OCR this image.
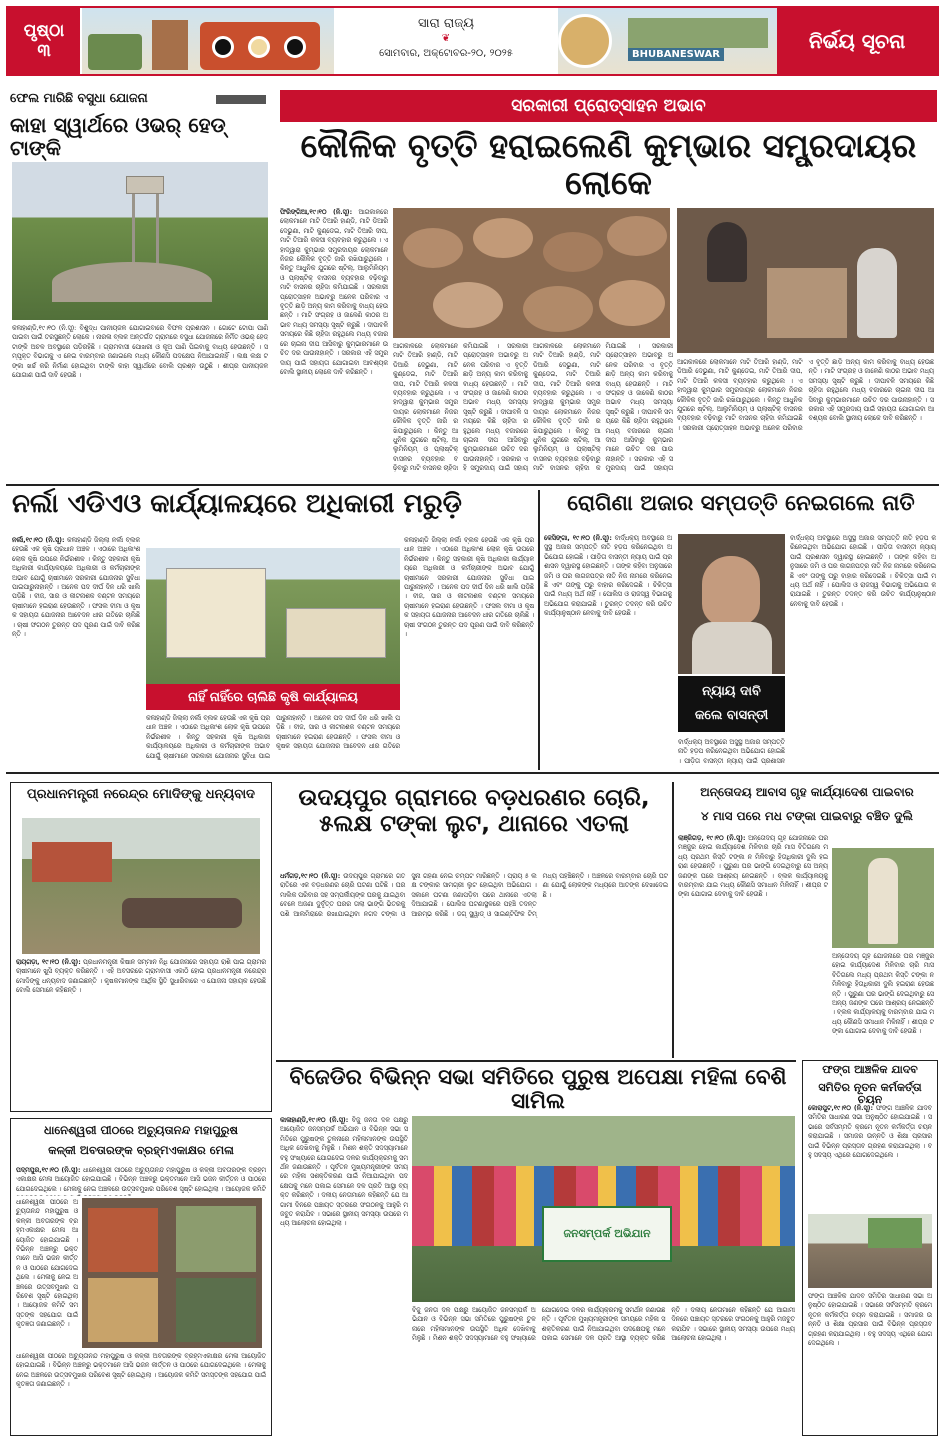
ପୃଷ୍ଠା
୩
ସାରା ରାଜ୍ୟ
❦
ସୋମବାର, ଅକ୍ଟୋବର-୨୦, ୨୦୨୫	BHUBANESWAR
ନିର୍ଭୟ ସୂଚନା
ଫେଲ ମାରିଛି ବସୁଧା ଯୋଜନା
କାହା ସ୍ୱାର୍ଥରେ ଓଭର୍ ହେଡ୍ ଟାଙ୍କି
କଳାହାଣ୍ଡି,୧୯।୧୦ (ନି.ସୂ): ବିଶୁଦ୍ଧ ପାନୀୟଜଳ ଯୋଗାଇବାରେ ବିଫଳ ପ୍ରଶାସନ । ଗୋଟେ ଟୋପା ପାଣି ପାଇବା ପାଇଁ ତରସୁଛନ୍ତି ଲୋକେ । ନାରଳା ବ୍ଲକ ଅନ୍ତର୍ଗତ ଗ୍ରାମରେ ବସୁଧା ଯୋଜନାରେ ନିର୍ମିତ ଓଭର୍ ହେଡ୍ ଟାଙ୍କି ଅଚଳ ଅବସ୍ଥାରେ ପଡ଼ିରହିଛି । ଗ୍ରାମବାସୀ ପୋଖରୀ ଓ କୂଅ ପାଣି ପିଇବାକୁ ବାଧ୍ୟ ହେଉଛନ୍ତି । ସମ୍ପୃକ୍ତ ବିଭାଗକୁ ଏ ନେଇ ବାରମ୍ବାର ଜଣାଇଲେ ମଧ୍ୟ କୌଣସି ପଦକ୍ଷେପ ନିଆଯାଇନାହିଁ । ଲକ୍ଷ ଲକ୍ଷ ଟଙ୍କା ଖର୍ଚ୍ଚ କରି ନିର୍ମାଣ ହୋଇଥିବା ଟାଙ୍କି କାହା ସ୍ୱାର୍ଥରେ ବୋଲି ପ୍ରଶ୍ନ ଉଠୁଛି । ଶୀଘ୍ର ପାନୀୟଜଳ ଯୋଗାଣ ପାଇଁ ଦାବି ହେଉଛି ।
ସରକାରୀ ପ୍ରୋତ୍ସାହନ ଅଭାବ
କୌଳିକ ବୃତ୍ତି ହରାଇଲେଣି କୁମ୍ଭାର ସମ୍ପ୍ରଦାୟର ଲୋକେ
ଫିରିଙ୍ଗିଆ,୧୯।୧୦ (ନି.ସୂ): ଆଗକାଳରେ ଲୋକମାନେ ମାଟି ତିଆରି ହାଣ୍ଡି, ମାଟି ଡିଆରି ଦେଭୁଣା, ମାଟି କୁଣ୍ଡେଇ, ମାଟି ତିଆରି ଦୀପ, ମାଟି ତିଆରି କଳସୀ ବ୍ୟବହାର କରୁଥିଲେ । ଏହାଦ୍ୱାରା କୁମ୍ଭାର ସମ୍ପ୍ରଦାୟର ଲୋକମାନେ ନିଜର କୌଳିକ ବୃତ୍ତି ଜାରି ରଖିପାରୁଥିଲେ । କିନ୍ତୁ ଆଧୁନିକ ଯୁଗରେ ଷ୍ଟିଲ୍, ଆଲୁମିନିୟମ୍ ଓ ପ୍ଲାଷ୍ଟିକ୍ ବାସନର ବ୍ୟବହାର ବଢ଼ିବାରୁ ମାଟି ବାସନର ଚାହିଦା କମିଯାଇଛି । ସରକାରୀ ପ୍ରୋତ୍ସାହନ ଅଭାବରୁ ଅନେକ ପରିବାର ଏ ବୃତ୍ତି ଛାଡ଼ି ଅନ୍ୟ କାମ କରିବାକୁ ବାଧ୍ୟ ହେଉଛନ୍ତି । ମାଟି ସଂଗ୍ରହ ଓ ଜାଳେଣି କାଠର ଅଭାବ ମଧ୍ୟ ସମସ୍ୟା ସୃଷ୍ଟି କରୁଛି । ଦୀପାବଳି ସମୟରେ କିଛି ଚାହିଦା ରହୁଥିଲେ ମଧ୍ୟ ବଜାରରେ ଚାଇନା ଦୀପ ଆସିବାରୁ କୁମ୍ଭାରମାନେ ଉଚିତ ଦର ପାଉନାହାନ୍ତି । ସରକାର ଏହି ସମ୍ପ୍ରଦାୟ ପାଇଁ ସହାୟତା ଯୋଗାଇବା ଆବଶ୍ୟକ ବୋଲି ସ୍ଥାନୀୟ ଲୋକେ ଦାବି କରିଛନ୍ତି ।
ଆଗକାଳରେ ଲୋକମାନେ ମାଟି ତିଆରି ହାଣ୍ଡି, ମାଟି ଡିଆରି ଦେଭୁଣା, ମାଟି କୁଣ୍ଡେଇ, ମାଟି ତିଆରି ଦୀପ, ମାଟି ତିଆରି କଳସୀ ବ୍ୟବହାର କରୁଥିଲେ । ଏହାଦ୍ୱାରା କୁମ୍ଭାର ସମ୍ପ୍ରଦାୟର ଲୋକମାନେ ନିଜର କୌଳିକ ବୃତ୍ତି ଜାରି ରଖିପାରୁଥିଲେ । କିନ୍ତୁ ଆଧୁନିକ ଯୁଗରେ ଷ୍ଟିଲ୍, ଆଲୁମିନିୟମ୍ ଓ ପ୍ଲାଷ୍ଟିକ୍ ବାସନର ବ୍ୟବହାର ବଢ଼ିବାରୁ ମାଟି ବାସନର ଚାହିଦା କମିଯାଇଛି । ସରକାରୀ ପ୍ରୋତ୍ସାହନ ଅଭାବରୁ ଅନେକ ପରିବାର ଏ ବୃତ୍ତି ଛାଡ଼ି ଅନ୍ୟ କାମ କରିବାକୁ ବାଧ୍ୟ ହେଉଛନ୍ତି । ମାଟି ସଂଗ୍ରହ ଓ ଜାଳେଣି କାଠର ଅଭାବ ମଧ୍ୟ ସମସ୍ୟା ସୃଷ୍ଟି କରୁଛି । ଦୀପାବଳି ସମୟରେ କିଛି ଚାହିଦା ରହୁଥିଲେ ମଧ୍ୟ ବଜାରରେ ଚାଇନା ଦୀପ ଆସିବାରୁ କୁମ୍ଭାରମାନେ ଉଚିତ ଦର ପାଉନାହାନ୍ତି । ସରକାର ଏହି ସମ୍ପ୍ରଦାୟ ପାଇଁ ସହାୟ
ଆଗକାଳରେ ଲୋକମାନେ ମାଟି ତିଆରି ହାଣ୍ଡି, ମାଟି ଡିଆରି ଦେଭୁଣା, ମାଟି କୁଣ୍ଡେଇ, ମାଟି ତିଆରି ଦୀପ, ମାଟି ତିଆରି କଳସୀ ବ୍ୟବହାର କରୁଥିଲେ । ଏହାଦ୍ୱାରା କୁମ୍ଭାର ସମ୍ପ୍ରଦାୟର ଲୋକମାନେ ନିଜର କୌଳିକ ବୃତ୍ତି ଜାରି ରଖିପାରୁଥିଲେ । କିନ୍ତୁ ଆଧୁନିକ ଯୁଗରେ ଷ୍ଟିଲ୍, ଆଲୁମିନିୟମ୍ ଓ ପ୍ଲାଷ୍ଟିକ୍ ବାସନର ବ୍ୟବହାର ବଢ଼ିବାରୁ ମାଟି ବାସନର ଚାହିଦା କମିଯାଇଛି । ସରକାରୀ ପ୍ରୋତ୍ସାହନ ଅଭାବରୁ ଅନେକ ପରିବାର ଏ ବୃତ୍ତି ଛାଡ଼ି ଅନ୍ୟ କାମ କରିବାକୁ ବାଧ୍ୟ ହେଉଛନ୍ତି । ମାଟି ସଂଗ୍ରହ ଓ ଜାଳେଣି କାଠର ଅଭାବ ମଧ୍ୟ ସମସ୍ୟା ସୃଷ୍ଟି କରୁଛି । ଦୀପାବଳି ସମୟରେ କିଛି ଚାହିଦା ରହୁଥିଲେ ମଧ୍ୟ ବଜାରରେ ଚାଇନା ଦୀପ ଆସିବାରୁ କୁମ୍ଭାରମାନେ ଉଚିତ ଦର ପାଉନାହାନ୍ତି । ସରକାର ଏହି ସମ୍ପ୍ରଦାୟ ପାଇଁ ସହାୟତା
ଆଗକାଳରେ ଲୋକମାନେ ମାଟି ତିଆରି ହାଣ୍ଡି, ମାଟି ଡିଆରି ଦେଭୁଣା, ମାଟି କୁଣ୍ଡେଇ, ମାଟି ତିଆରି ଦୀପ, ମାଟି ତିଆରି କଳସୀ ବ୍ୟବହାର କରୁଥିଲେ । ଏହାଦ୍ୱାରା କୁମ୍ଭାର ସମ୍ପ୍ରଦାୟର ଲୋକମାନେ ନିଜର କୌଳିକ ବୃତ୍ତି ଜାରି ରଖିପାରୁଥିଲେ । କିନ୍ତୁ ଆଧୁନିକ ଯୁଗରେ ଷ୍ଟିଲ୍, ଆଲୁମିନିୟମ୍ ଓ ପ୍ଲାଷ୍ଟିକ୍ ବାସନର ବ୍ୟବହାର ବଢ଼ିବାରୁ ମାଟି ବାସନର ଚାହିଦା କମିଯାଇଛି । ସରକାରୀ ପ୍ରୋତ୍ସାହନ ଅଭାବରୁ ଅନେକ ପରିବାର ଏ ବୃତ୍ତି ଛାଡ଼ି ଅନ୍ୟ କାମ କରିବାକୁ ବାଧ୍ୟ ହେଉଛନ୍ତି । ମାଟି ସଂଗ୍ରହ ଓ ଜାଳେଣି କାଠର ଅଭାବ ମଧ୍ୟ ସମସ୍ୟା ସୃଷ୍ଟି କରୁଛି । ଦୀପାବଳି ସମୟରେ କିଛି ଚାହିଦା ରହୁଥିଲେ ମଧ୍ୟ ବଜାରରେ ଚାଇନା ଦୀପ ଆସିବାରୁ କୁମ୍ଭାରମାନେ ଉଚିତ ଦର ପାଉନାହାନ୍ତି । ସରକାର ଏହି ସମ୍ପ୍ରଦାୟ ପାଇଁ ସହାୟତା ଯୋଗାଇବା ଆବଶ୍ୟକ ବୋଲି ସ୍ଥାନୀୟ ଲୋକେ ଦାବି କରିଛନ୍ତି ।
ନର୍ଲା ଏଡିଏଓ କାର୍ଯ୍ୟାଳୟରେ ଅଧିକାରୀ ମରୁଡ଼ି
ନର୍ଲା,୧୯।୧୦ (ନି.ସୂ): କଳାହାଣ୍ଡି ଜିଲ୍ଲା ନର୍ଲା ବ୍ଲକ ହେଉଛି ଏକ କୃଷି ପ୍ରଧାନ ଅଞ୍ଚଳ । ଏଠାରେ ଅଧିକାଂଶ ଲୋକ କୃଷି ଉପରେ ନିର୍ଭରଶୀଳ । କିନ୍ତୁ ସହକାରୀ କୃଷି ଅଧିକାରୀ କାର୍ଯ୍ୟାଳୟରେ ଅଧିକାରୀ ଓ କର୍ମଚାରୀଙ୍କ ଅଭାବ ଯୋଗୁଁ ଚାଷୀମାନେ ସରକାରୀ ଯୋଜନାର ସୁବିଧା ପାଇପାରୁନାହାନ୍ତି । ଅନେକ ପଦ ଦୀର୍ଘ ଦିନ ଧରି ଖାଲି ପଡ଼ିଛି । ବୀଜ, ସାର ଓ କୀଟନାଶକ ବଣ୍ଟନ ସମୟରେ ଚାଷୀମାନେ ହଇରାଣ ହେଉଛନ୍ତି । ଫସଲ ବୀମା ଓ କୃଷକ ସହାୟତା ଯୋଜନାର ଆବେଦନ ଧୀର ଗତିରେ ଚାଲିଛି । ଚାଷୀ ସଂଗଠନ ତୁରନ୍ତ ପଦ ପୂରଣ ପାଇଁ ଦାବି କରିଛନ୍ତି ।
ନାହିଁ ନାହିଁରେ ଚାଲିଛି କୃଷି କାର୍ଯ୍ୟାଳୟ
କଳାହାଣ୍ଡି ଜିଲ୍ଲା ନର୍ଲା ବ୍ଲକ ହେଉଛି ଏକ କୃଷି ପ୍ରଧାନ ଅଞ୍ଚଳ । ଏଠାରେ ଅଧିକାଂଶ ଲୋକ କୃଷି ଉପରେ ନିର୍ଭରଶୀଳ । କିନ୍ତୁ ସହକାରୀ କୃଷି ଅଧିକାରୀ କାର୍ଯ୍ୟାଳୟରେ ଅଧିକାରୀ ଓ କର୍ମଚାରୀଙ୍କ ଅଭାବ ଯୋଗୁଁ ଚାଷୀମାନେ ସରକାରୀ ଯୋଜନାର ସୁବିଧା ପାଇପାରୁନାହାନ୍ତି । ଅନେକ ପଦ ଦୀର୍ଘ ଦିନ ଧରି ଖାଲି ପଡ଼ିଛି । ବୀଜ, ସାର ଓ କୀଟନାଶକ ବଣ୍ଟନ ସମୟରେ ଚାଷୀମାନେ ହଇରାଣ ହେଉଛନ୍ତି । ଫସଲ ବୀମା ଓ କୃଷକ ସହାୟତା ଯୋଜନାର ଆବେଦନ ଧୀର ଗତିରେ
କଳାହାଣ୍ଡି ଜିଲ୍ଲା ନର୍ଲା ବ୍ଲକ ହେଉଛି ଏକ କୃଷି ପ୍ରଧାନ ଅଞ୍ଚଳ । ଏଠାରେ ଅଧିକାଂଶ ଲୋକ କୃଷି ଉପରେ ନିର୍ଭରଶୀଳ । କିନ୍ତୁ ସହକାରୀ କୃଷି ଅଧିକାରୀ କାର୍ଯ୍ୟାଳୟରେ ଅଧିକାରୀ ଓ କର୍ମଚାରୀଙ୍କ ଅଭାବ ଯୋଗୁଁ ଚାଷୀମାନେ ସରକାରୀ ଯୋଜନାର ସୁବିଧା ପାଇପାରୁନାହାନ୍ତି । ଅନେକ ପଦ ଦୀର୍ଘ ଦିନ ଧରି ଖାଲି ପଡ଼ିଛି । ବୀଜ, ସାର ଓ କୀଟନାଶକ ବଣ୍ଟନ ସମୟରେ ଚାଷୀମାନେ ହଇରାଣ ହେଉଛନ୍ତି । ଫସଲ ବୀମା ଓ କୃଷକ ସହାୟତା ଯୋଜନାର ଆବେଦନ ଧୀର ଗତିରେ ଚାଲିଛି । ଚାଷୀ ସଂଗଠନ ତୁରନ୍ତ ପଦ ପୂରଣ ପାଇଁ ଦାବି କରିଛନ୍ତି ।
ରୋଗିଣା ଅଜାର ସମ୍ପତ୍ତି ନେଇଗଲେ ନାତି
କେସିଙ୍ଗା, ୧୯।୧୦ (ନି.ସୂ): ବାର୍ଦ୍ଧକ୍ୟ ଅବସ୍ଥାରେ ଅସୁସ୍ଥ ଅଜାର ସମ୍ପତ୍ତି ନାତି ହଡ଼ପ କରିନେଇଥିବା ଅଭିଯୋଗ ହୋଇଛି । ପୀଡ଼ିତା ବାସନ୍ତୀ ନ୍ୟାୟ ପାଇଁ ପ୍ରଶାସନ ଦ୍ୱାରସ୍ଥ ହୋଇଛନ୍ତି । ତାଙ୍କ କହିବା ଅନୁସାରେ ଜମି ଓ ଘର କାଗଜପତ୍ର ନାତି ନିଜ ନାମରେ କରିନେଇଛି ଏବଂ ତାଙ୍କୁ ଘରୁ ବାହାର କରିଦେଇଛି । ଚିକିତ୍ସା ପାଇଁ ମଧ୍ୟ ଅର୍ଥ ନାହିଁ । ପୋଲିସ ଓ ରାଜସ୍ୱ ବିଭାଗକୁ ଅଭିଯୋଗ କରାଯାଇଛି । ତୁରନ୍ତ ତଦନ୍ତ କରି ଉଚିତ କାର୍ଯ୍ୟାନୁଷ୍ଠାନ ନେବାକୁ ଦାବି ହେଉଛି ।
ନ୍ୟାୟ ଦାବି
କଲେ ବାସନ୍ତୀ
ବାର୍ଦ୍ଧକ୍ୟ ଅବସ୍ଥାରେ ଅସୁସ୍ଥ ଅଜାର ସମ୍ପତ୍ତି ନାତି ହଡ଼ପ କରିନେଇଥିବା ଅଭିଯୋଗ ହୋଇଛି । ପୀଡ଼ିତା ବାସନ୍ତୀ ନ୍ୟାୟ ପାଇଁ ପ୍ରଶାସନ
ବାର୍ଦ୍ଧକ୍ୟ ଅବସ୍ଥାରେ ଅସୁସ୍ଥ ଅଜାର ସମ୍ପତ୍ତି ନାତି ହଡ଼ପ କରିନେଇଥିବା ଅଭିଯୋଗ ହୋଇଛି । ପୀଡ଼ିତା ବାସନ୍ତୀ ନ୍ୟାୟ ପାଇଁ ପ୍ରଶାସନ ଦ୍ୱାରସ୍ଥ ହୋଇଛନ୍ତି । ତାଙ୍କ କହିବା ଅନୁସାରେ ଜମି ଓ ଘର କାଗଜପତ୍ର ନାତି ନିଜ ନାମରେ କରିନେଇଛି ଏବଂ ତାଙ୍କୁ ଘରୁ ବାହାର କରିଦେଇଛି । ଚିକିତ୍ସା ପାଇଁ ମଧ୍ୟ ଅର୍ଥ ନାହିଁ । ପୋଲିସ ଓ ରାଜସ୍ୱ ବିଭାଗକୁ ଅଭିଯୋଗ କରାଯାଇଛି । ତୁରନ୍ତ ତଦନ୍ତ କରି ଉଚିତ କାର୍ଯ୍ୟାନୁଷ୍ଠାନ ନେବାକୁ ଦାବି ହେଉଛି ।
ପ୍ରଧାନମନ୍ତ୍ରୀ ନରେନ୍ଦ୍ର ମୋଦିଙ୍କୁ ଧନ୍ୟବାଦ
ରାୟଗଡ଼ା, ୧୯।୧୦ (ନି.ସୂ): ପ୍ରଧାନମନ୍ତ୍ରୀ କିଷାନ ସମ୍ମାନ ନିଧି ଯୋଜନାରେ ସହାୟତା ରାଶି ପାଇ ଗ୍ରାମର ଚାଷୀମାନେ ଖୁସି ବ୍ୟକ୍ତ କରିଛନ୍ତି । ଏହି ଅବସରରେ ଗ୍ରାମବାସୀ ଏକାଠି ହୋଇ ପ୍ରଧାନମନ୍ତ୍ରୀ ନରେନ୍ଦ୍ର ମୋଦିଙ୍କୁ ଧନ୍ୟବାଦ ଜଣାଇଛନ୍ତି । କୃଷକମାନଙ୍କ ଆର୍ଥିକ ସ୍ଥିତି ସୁଧାରିବାରେ ଏ ଯୋଜନା ସହାୟକ ହେଉଛି ବୋଲି ସେମାନେ କହିଛନ୍ତି ।
ଉଦୟପୁର ଗ୍ରାମରେ ବଡ଼ଧରଣର ଚୋରି, ୫ଲକ୍ଷ ଟଙ୍କା ଲୁଟ, ଥାନାରେ ଏତଲା
ଧର୍ମଗଡ଼,୧୯।୧୦ (ନି.ସୂ): ଉଦୟପୁର ଗ୍ରାମରେ ଗତ ରାତିରେ ଏକ ବଡ଼ଧରଣର ଚୋରି ଘଟଣା ଘଟିଛି । ଘର ମାଲିକ ପରିବାର ସହ ସମ୍ପର୍କୀୟଙ୍କ ଘରକୁ ଯାଇଥିବା ବେଳେ ଅଜଣା ଦୁର୍ବୃତ୍ତ ଘରର ତାଲା ଭାଙ୍ଗି ଭିତରକୁ ପଶି ଆଲମିରାରେ ରଖାଯାଇଥିବା ନଗଦ ଟଙ୍କା ଓ ସୁନା ଗହଣା ନେଇ ଚମ୍ପଟ ମାରିଛନ୍ତି । ପ୍ରାୟ ୫ ଲକ୍ଷ ଟଙ୍କାର ସାମଗ୍ରୀ ଲୁଟ ହୋଇଥିବା ଅଭିଯୋଗ । ସକାଳେ ଘଟଣା ଜଣାପଡ଼ିବା ପରେ ଥାନାରେ ଏତଲା ଦିଆଯାଇଛି । ପୋଲିସ ଘଟଣାସ୍ଥଳରେ ପହଞ୍ଚି ତଦନ୍ତ ଆରମ୍ଭ କରିଛି । ଡଗ୍ ସ୍କ୍ୱାଡ୍ ଓ ସାଇଣ୍ଟିଫିକ ଟିମ୍ ମଧ୍ୟ ପହଞ୍ଚିଛନ୍ତି । ଅଞ୍ଚଳରେ ବାରମ୍ବାର ଚୋରି ଘଟଣା ଯୋଗୁଁ ଲୋକଙ୍କ ମଧ୍ୟରେ ଆତଙ୍କ ଦେଖାଦେଇଛି ।
ଅନ୍ତୋଦୟ ଆବାସ ଗୃହ କାର୍ଯ୍ୟାଦେଶ ପାଇବାର
୪ ମାସ ପରେ ମଧ ଟଙ୍କା ପାଇବାରୁ ବଞ୍ଚିତ ଦୁଲି
ଲାଞ୍ଜିଗଡ଼, ୧୯।୧୦ (ନି.ସୂ): ଅନ୍ତୋଦୟ ଗୃହ ଯୋଜନାରେ ଘର ମଞ୍ଜୁର ହୋଇ କାର୍ଯ୍ୟାଦେଶ ମିଳିବାର ଚାରି ମାସ ବିତିଗଲେ ମଧ୍ୟ ପ୍ରଥମ କିସ୍ତି ଟଙ୍କା ନ ମିଳିବାରୁ ହିତାଧିକାରୀ ଦୁଲି ହଇରାଣ ହେଉଛନ୍ତି । ପୁରୁଣା ଘର ଭାଙ୍ଗି ଦେଇଥିବାରୁ ସେ ଅନ୍ୟ ଜଣଙ୍କ ଘରେ ଆଶ୍ରୟ ନେଇଛନ୍ତି । ବ୍ଲକ କାର୍ଯ୍ୟାଳୟକୁ ବାରମ୍ବାର ଯାଇ ମଧ୍ୟ କୌଣସି ସମାଧାନ ମିଳିନାହିଁ । ଶୀଘ୍ର ଟଙ୍କା ଯୋଗାଇ ଦେବାକୁ ଦାବି ହେଉଛି ।
ଅନ୍ତୋଦୟ ଗୃହ ଯୋଜନାରେ ଘର ମଞ୍ଜୁର ହୋଇ କାର୍ଯ୍ୟାଦେଶ ମିଳିବାର ଚାରି ମାସ ବିତିଗଲେ ମଧ୍ୟ ପ୍ରଥମ କିସ୍ତି ଟଙ୍କା ନ ମିଳିବାରୁ ହିତାଧିକାରୀ ଦୁଲି ହଇରାଣ ହେଉଛନ୍ତି । ପୁରୁଣା ଘର ଭାଙ୍ଗି ଦେଇଥିବାରୁ ସେ ଅନ୍ୟ ଜଣଙ୍କ ଘରେ ଆଶ୍ରୟ ନେଇଛନ୍ତି । ବ୍ଲକ କାର୍ଯ୍ୟାଳୟକୁ ବାରମ୍ବାର ଯାଇ ମଧ୍ୟ କୌଣସି ସମାଧାନ ମିଳିନାହିଁ । ଶୀଘ୍ର ଟଙ୍କା ଯୋଗାଇ ଦେବାକୁ ଦାବି ହେଉଛି ।
ଧାନେଶ୍ୱରୀ ପୀଠରେ ଅଚ୍ୟୁତାନନ୍ଦ ମହାପୁରୁଷ
କଳ୍କୀ ଅବତାରଙ୍କ ବ୍ରହ୍ମଏକାକ୍ଷର ମେଳା
ପଦ୍ମପୁର,୧୯।୧୦ (ନି.ସୂ): ଧାନେଶ୍ୱରୀ ପୀଠରେ ଅଚ୍ୟୁତାନନ୍ଦ ମହାପୁରୁଷ ଓ କଳ୍କୀ ଅବତାରଙ୍କ ବ୍ରହ୍ମଏକାକ୍ଷର ମେଳା ଆୟୋଜିତ ହୋଇଯାଇଛି । ବିଭିନ୍ନ ଅଞ୍ଚଳରୁ ଭକ୍ତମାନେ ଆସି ଭଜନ କୀର୍ତ୍ତନ ଓ ପାଠରେ ଯୋଗଦେଇଥିଲେ । ମେଳାକୁ ନେଇ ଅଞ୍ଚଳରେ ଉତ୍ସବମୁଖର ପରିବେଶ ସୃଷ୍ଟି ହୋଇଥିଲା । ଆୟୋଜକ କମିଟି
ଧାନେଶ୍ୱରୀ ପୀଠରେ ଅଚ୍ୟୁତାନନ୍ଦ ମହାପୁରୁଷ ଓ କଳ୍କୀ ଅବତାରଙ୍କ ବ୍ରହ୍ମଏକାକ୍ଷର ମେଳା ଆୟୋଜିତ ହୋଇଯାଇଛି । ବିଭିନ୍ନ ଅଞ୍ଚଳରୁ ଭକ୍ତମାନେ ଆସି ଭଜନ କୀର୍ତ୍ତନ ଓ ପାଠରେ ଯୋଗଦେଇଥିଲେ । ମେଳାକୁ ନେଇ ଅଞ୍ଚଳରେ ଉତ୍ସବମୁଖର ପରିବେଶ ସୃଷ୍ଟି ହୋଇଥିଲା । ଆୟୋଜକ କମିଟି ସମସ୍ତଙ୍କ ସହଯୋଗ ପାଇଁ କୃତଜ୍ଞତା ଜଣାଇଛନ୍ତି ।
ଧାନେଶ୍ୱରୀ ପୀଠରେ ଅଚ୍ୟୁତାନନ୍ଦ ମହାପୁରୁଷ ଓ କଳ୍କୀ ଅବତାରଙ୍କ ବ୍ରହ୍ମଏକାକ୍ଷର ମେଳା ଆୟୋଜିତ ହୋଇଯାଇଛି । ବିଭିନ୍ନ ଅଞ୍ଚଳରୁ ଭକ୍ତମାନେ ଆସି ଭଜନ କୀର୍ତ୍ତନ ଓ ପାଠରେ ଯୋଗଦେଇଥିଲେ । ମେଳାକୁ ନେଇ ଅଞ୍ଚଳରେ ଉତ୍ସବମୁଖର ପରିବେଶ ସୃଷ୍ଟି ହୋଇଥିଲା । ଆୟୋଜକ କମିଟି ସମସ୍ତଙ୍କ ସହଯୋଗ ପାଇଁ କୃତଜ୍ଞତା ଜଣାଇଛନ୍ତି ।
ବିଜେଡିର ବିଭିନ୍ନ ସଭା ସମିତିରେ ପୁରୁଷ ଅପେକ୍ଷା ମହିଳା ବେଶି ସାମିଲ
କାଳାହାଣ୍ଡି,୧୯।୧୦ (ନି.ସୂ): ବିଜୁ ଜନତା ଦଳ ପକ୍ଷରୁ ଆୟୋଜିତ ଜନସମ୍ପର୍କ ଅଭିଯାନ ଓ ବିଭିନ୍ନ ସଭା ସମିତିରେ ପୁରୁଷଙ୍କ ତୁଳନାରେ ମହିଳାମାନଙ୍କ ଉପସ୍ଥିତି ଅଧିକ ଦେଖିବାକୁ ମିଳୁଛି । ମିଶନ ଶକ୍ତି ସଦସ୍ୟାମାନେ ବହୁ ସଂଖ୍ୟାରେ ଯୋଗଦେଇ ଦଳର କାର୍ଯ୍ୟକ୍ରମକୁ ସମର୍ଥନ ଜଣାଉଛନ୍ତି । ପୂର୍ବତନ ମୁଖ୍ୟମନ୍ତ୍ରୀଙ୍କ ସମୟରେ ମହିଳା ସଶକ୍ତିକରଣ ପାଇଁ ନିଆଯାଇଥିବା ପଦକ୍ଷେପକୁ ମନେ ପକାଇ ସେମାନେ ଦଳ ପ୍ରତି ଆସ୍ଥା ବ୍ୟକ୍ତ କରିଛନ୍ତି । ଦଳୀୟ ନେତାମାନେ କହିଛନ୍ତି ଯେ ଆଗାମୀ ଦିନରେ ପଞ୍ଚାୟତ ସ୍ତରରେ ସଂଗଠନକୁ ଆହୁରି ମଜବୁତ କରାଯିବ । ସଭାରେ ସ୍ଥାନୀୟ ସମସ୍ୟା ଉପରେ ମଧ୍ୟ ଆଲୋଚନା ହୋଇଥିଲା ।
ଜନସମ୍ପର୍କ ଅଭିଯାନ
ବିଜୁ ଜନତା ଦଳ ପକ୍ଷରୁ ଆୟୋଜିତ ଜନସମ୍ପର୍କ ଅଭିଯାନ ଓ ବିଭିନ୍ନ ସଭା ସମିତିରେ ପୁରୁଷଙ୍କ ତୁଳନାରେ ମହିଳାମାନଙ୍କ ଉପସ୍ଥିତି ଅଧିକ ଦେଖିବାକୁ ମିଳୁଛି । ମିଶନ ଶକ୍ତି ସଦସ୍ୟାମାନେ ବହୁ ସଂଖ୍ୟାରେ ଯୋଗଦେଇ ଦଳର କାର୍ଯ୍ୟକ୍ରମକୁ ସମର୍ଥନ ଜଣାଉଛନ୍ତି । ପୂର୍ବତନ ମୁଖ୍ୟମନ୍ତ୍ରୀଙ୍କ ସମୟରେ ମହିଳା ସଶକ୍ତିକରଣ ପାଇଁ ନିଆଯାଇଥିବା ପଦକ୍ଷେପକୁ ମନେ ପକାଇ ସେମାନେ ଦଳ ପ୍ରତି ଆସ୍ଥା ବ୍ୟକ୍ତ କରିଛନ୍ତି । ଦଳୀୟ ନେତାମାନେ କହିଛନ୍ତି ଯେ ଆଗାମୀ ଦିନରେ ପଞ୍ଚାୟତ ସ୍ତରରେ ସଂଗଠନକୁ ଆହୁରି ମଜବୁତ କରାଯିବ । ସଭାରେ ସ୍ଥାନୀୟ ସମସ୍ୟା ଉପରେ ମଧ୍ୟ ଆଲୋଚନା ହୋଇଥିଲା ।
ଫଙ୍ଗ ଆଞ୍ଚଳିକ ଯାଦବ
ସମିତିର ନୂତନ କର୍ମକର୍ତ୍ତା ଚୟନ
କୋରାପୁଟ,୧୯।୧୦ (ନି.ସୂ): ଫଙ୍ଗ ଆଞ୍ଚଳିକ ଯାଦବ ସମିତିର ସାଧାରଣ ସଭା ଅନୁଷ୍ଠିତ ହୋଇଯାଇଛି । ସଭାରେ ସର୍ବସମ୍ମତି କ୍ରମେ ନୂତନ କର୍ମକର୍ତ୍ତା ଚୟନ କରାଯାଇଛି । ସମାଜର ଉନ୍ନତି ଓ ଶିକ୍ଷା ପ୍ରସାର ପାଇଁ ବିଭିନ୍ନ ପ୍ରସ୍ତାବ ଗ୍ରହଣ କରାଯାଇଥିଲା । ବହୁ ସଦସ୍ୟ ଏଥିରେ ଯୋଗଦେଇଥିଲେ ।
ଫଙ୍ଗ ଆଞ୍ଚଳିକ ଯାଦବ ସମିତିର ସାଧାରଣ ସଭା ଅନୁଷ୍ଠିତ ହୋଇଯାଇଛି । ସଭାରେ ସର୍ବସମ୍ମତି କ୍ରମେ ନୂତନ କର୍ମକର୍ତ୍ତା ଚୟନ କରାଯାଇଛି । ସମାଜର ଉନ୍ନତି ଓ ଶିକ୍ଷା ପ୍ରସାର ପାଇଁ ବିଭିନ୍ନ ପ୍ରସ୍ତାବ ଗ୍ରହଣ କରାଯାଇଥିଲା । ବହୁ ସଦସ୍ୟ ଏଥିରେ ଯୋଗଦେଇଥିଲେ ।
